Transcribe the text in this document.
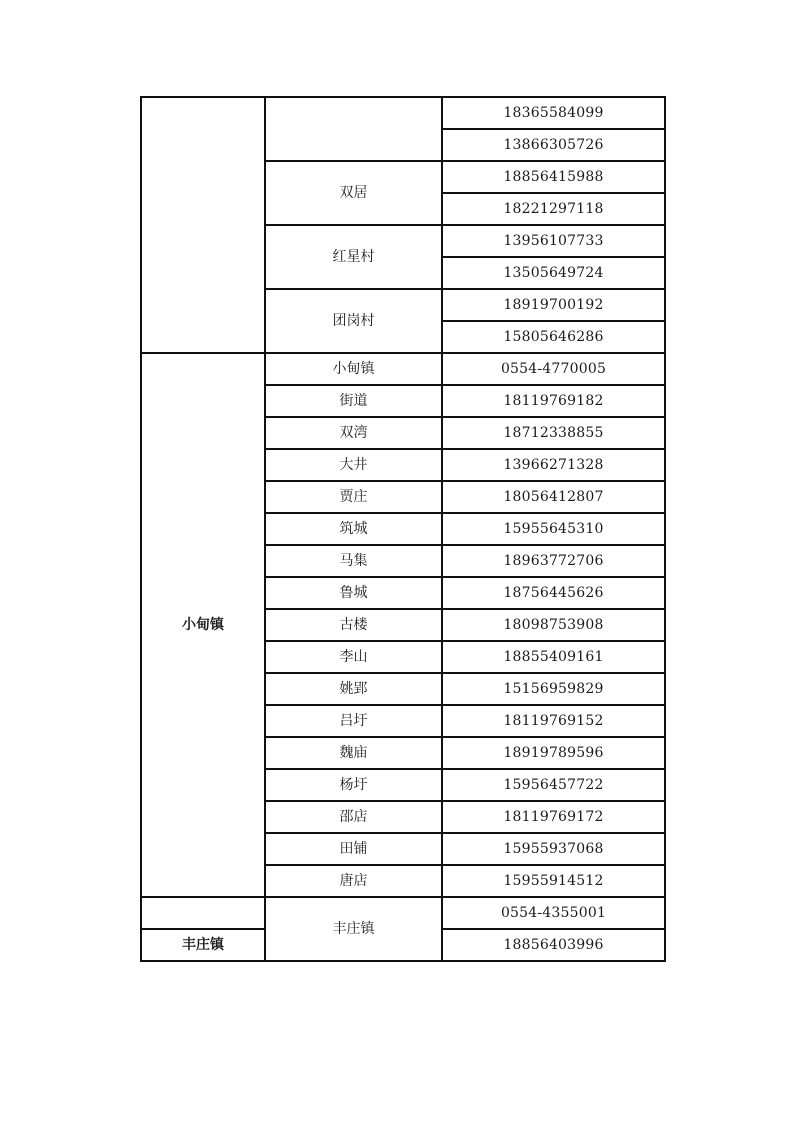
		18365584099
		13866305726
	双居	18856415988
		18221297118
	红星村	13956107733
		13505649724
	团岗村	18919700192
		15805646286
小甸镇	小甸镇	0554-4770005
	街道	18119769182
	双湾	18712338855
	大井	13966271328
	贾庄	18056412807
	筑城	15955645310
	马集	18963772706
	鲁城	18756445626
	古楼	18098753908
	李山	18855409161
	姚郢	15156959829
	吕圩	18119769152
	魏庙	18919789596
	杨圩	15956457722
	邵店	18119769172
	田铺	15955937068
	唐店	15955914512
	丰庄镇	0554-4355001
丰庄镇		18856403996
